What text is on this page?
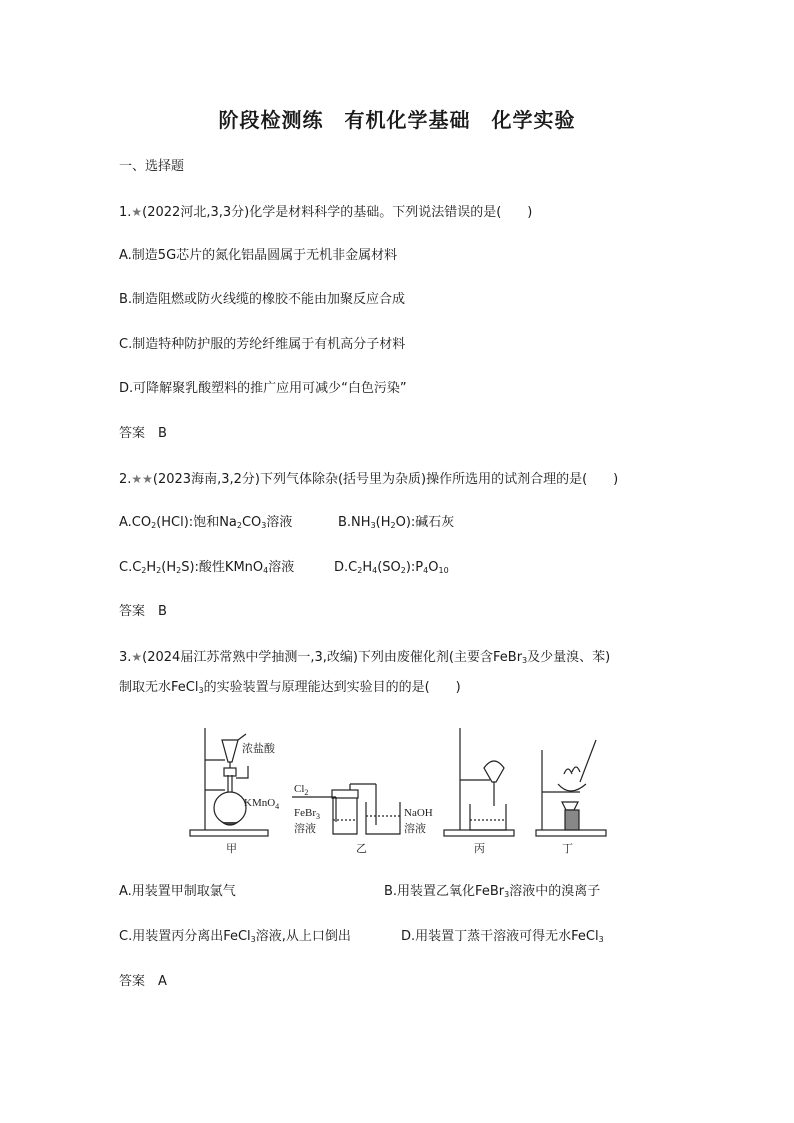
阶段检测练　有机化学基础　化学实验
一、选择题
1.★(2022河北,3,3分)化学是材料科学的基础。下列说法错误的是(　　)
A.制造5G芯片的氮化铝晶圆属于无机非金属材料
B.制造阻燃或防火线缆的橡胶不能由加聚反应合成
C.制造特种防护服的芳纶纤维属于有机高分子材料
D.可降解聚乳酸塑料的推广应用可减少“白色污染”
答案　B
2.★★(2023海南,3,2分)下列气体除杂(括号里为杂质)操作所选用的试剂合理的是(　　)
$A.CO_2(HCl)$:饱和$Na_2CO_3$溶液	$B.NH_3(H_2O)$:碱石灰
$C.C_2H_2(H_2S)$:酸性KMnO$_4$溶液	$D.C_2H_4(SO_2):P_4O_{10}$
答案　B
3.★(2024届江苏常熟中学抽测一,3,改编)下列由废催化剂(主要含FeBr$_3$及少量溴、苯)
制取无水FeCl$_3$的实验装置与原理能达到实验目的的是(　　)
浓盐酸
KMnO$_4$
$Cl_2$
FeBr$_3$
溶液
NaOH
溶液
甲	乙	丙	丁
A.用装置甲制取氯气	B.用装置乙氧化FeBr$_3$溶液中的溴离子
C.用装置丙分离出FeCl$_3$溶液,从上口倒出	D.用装置丁蒸干溶液可得无水FeCl$_3$
答案　A
